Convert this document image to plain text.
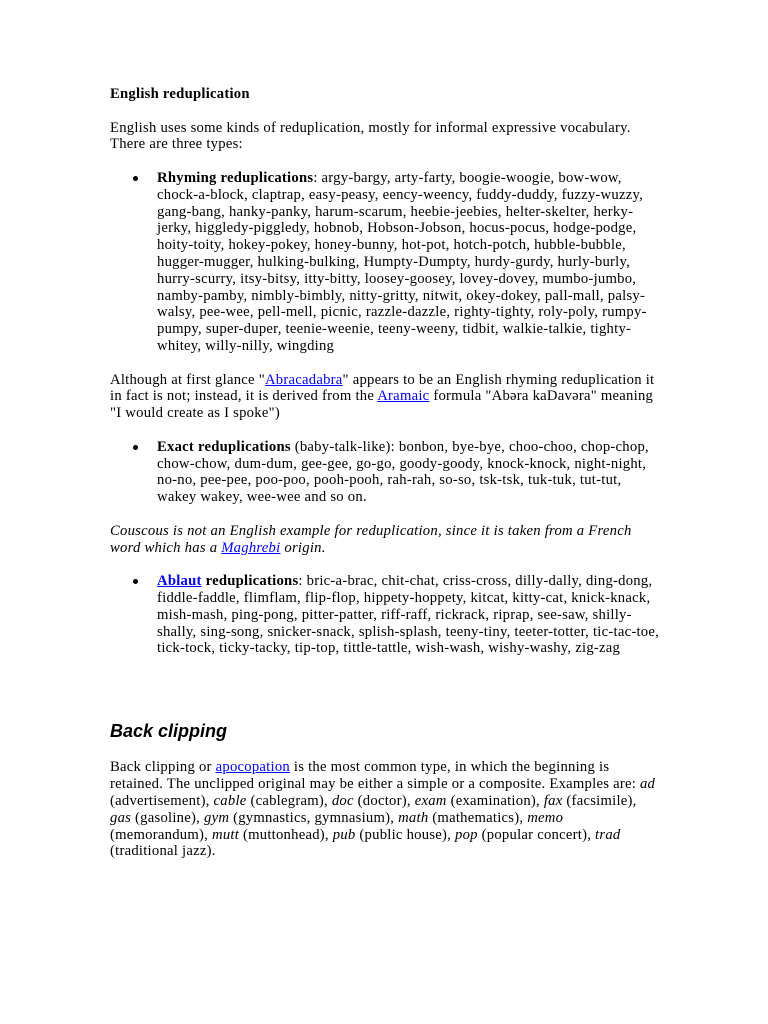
English reduplication

English uses some kinds of reduplication, mostly for informal expressive vocabulary. There are three types:

Rhyming reduplications: argy-bargy, arty-farty, boogie-woogie, bow-wow, chock-a-block, claptrap, easy-peasy, eency-weency, fuddy-duddy, fuzzy-wuzzy, gang-bang, hanky-panky, harum-scarum, heebie-jeebies, helter-skelter, herky-jerky, higgledy-piggledy, hobnob, Hobson-Jobson, hocus-pocus, hodge-podge, hoity-toity, hokey-pokey, honey-bunny, hot-pot, hotch-potch, hubble-bubble, hugger-mugger, hulking-bulking, Humpty-Dumpty, hurdy-gurdy, hurly-burly, hurry-scurry, itsy-bitsy, itty-bitty, loosey-goosey, lovey-dovey, mumbo-jumbo, namby-pamby, nimbly-bimbly, nitty-gritty, nitwit, okey-dokey, pall-mall, palsy-walsy, pee-wee, pell-mell, picnic, razzle-dazzle, righty-tighty, roly-poly, rumpy-pumpy, super-duper, teenie-weenie, teeny-weeny, tidbit, walkie-talkie, tighty-whitey, willy-nilly, wingding

Although at first glance "Abracadabra" appears to be an English rhyming reduplication it in fact is not; instead, it is derived from the Aramaic formula "Abəra kaDavəra" meaning "I would create as I spoke")

Exact reduplications (baby-talk-like): bonbon, bye-bye, choo-choo, chop-chop, chow-chow, dum-dum, gee-gee, go-go, goody-goody, knock-knock, night-night, no-no, pee-pee, poo-poo, pooh-pooh, rah-rah, so-so, tsk-tsk, tuk-tuk, tut-tut, wakey wakey, wee-wee and so on.

Couscous is not an English example for reduplication, since it is taken from a French word which has a Maghrebi origin.

Ablaut reduplications: bric-a-brac, chit-chat, criss-cross, dilly-dally, ding-dong, fiddle-faddle, flimflam, flip-flop, hippety-hoppety, kitcat, kitty-cat, knick-knack, mish-mash, ping-pong, pitter-patter, riff-raff, rickrack, riprap, see-saw, shilly-shally, sing-song, snicker-snack, splish-splash, teeny-tiny, teeter-totter, tic-tac-toe, tick-tock, ticky-tacky, tip-top, tittle-tattle, wish-wash, wishy-washy, zig-zag
Back clipping

Back clipping or apocopation is the most common type, in which the beginning is retained. The unclipped original may be either a simple or a composite. Examples are: ad (advertisement), cable (cablegram), doc (doctor), exam (examination), fax (facsimile), gas (gasoline), gym (gymnastics, gymnasium), math (mathematics), memo (memorandum), mutt (muttonhead), pub (public house), pop (popular concert), trad (traditional jazz).
